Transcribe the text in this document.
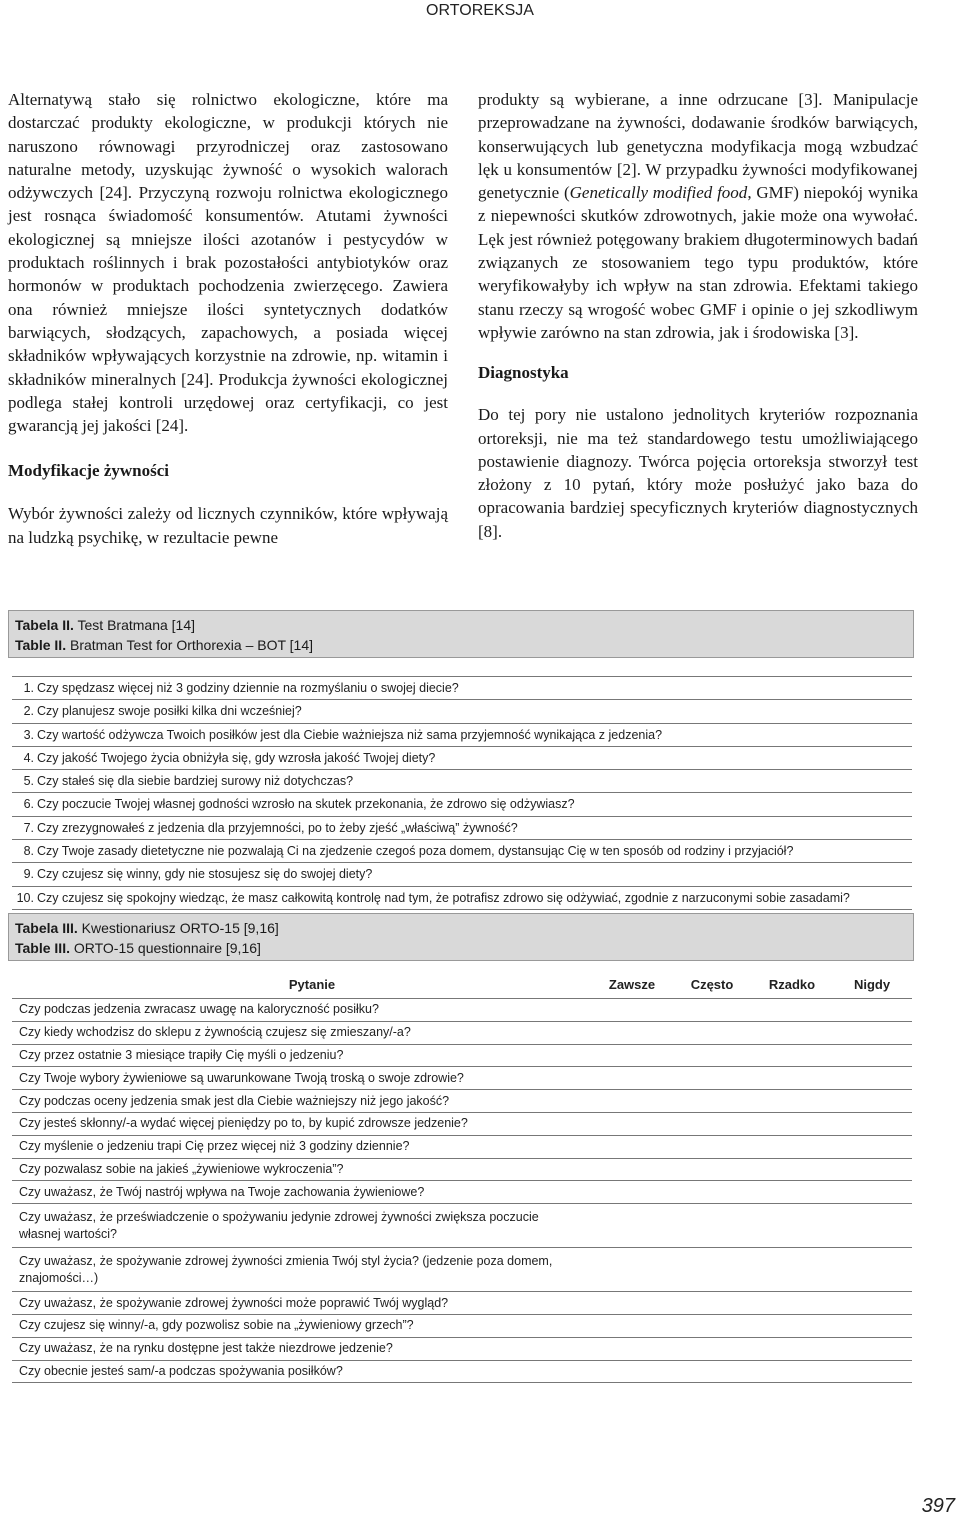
ORTOREKSJA

Alternatywą stało się rolnictwo ekologiczne, które ma dostarczać produkty ekologiczne, w produkcji których nie naruszono równowagi przyrodniczej oraz zastosowano naturalne metody, uzyskując żywność o wysokich walorach odżywczych [24]. Przyczyną rozwoju rolnictwa ekologicznego jest rosnąca świadomość konsumentów. Atutami żywności ekologicznej są mniejsze ilości azotanów i pestycydów w produktach roślinnych i brak pozostałości antybiotyków oraz hormonów w produktach pochodzenia zwierzęcego. Zawiera ona również mniejsze ilości syntetycznych dodatków barwiących, słodzących, zapachowych, a posiada więcej składników wpływających korzystnie na zdrowie, np. witamin i składników mineralnych [24]. Produkcja żywności ekologicznej podlega stałej kontroli urzędowej oraz certyfikacji, co jest gwarancją jej jakości [24].

Modyfikacje żywności

Wybór żywności zależy od licznych czynników, które wpływają na ludzką psychikę, w rezultacie pewne

produkty są wybierane, a inne odrzucane [3]. Manipulacje przeprowadzane na żywności, dodawanie środków barwiących, konserwujących lub genetyczna modyfikacja mogą wzbudzać lęk u konsumentów [2]. W przypadku żywności modyfikowanej genetycznie (Genetically modified food, GMF) niepokój wynika z niepewności skutków zdrowotnych, jakie może ona wywołać. Lęk jest również potęgowany brakiem długoterminowych badań związanych ze stosowaniem tego typu produktów, które weryfikowałyby ich wpływ na stan zdrowia. Efektami takiego stanu rzeczy są wrogość wobec GMF i opinie o jej szkodliwym wpływie zarówno na stan zdrowia, jak i środowiska [3].

Diagnostyka

Do tej pory nie ustalono jednolitych kryteriów rozpoznania ortoreksji, nie ma też standardowego testu umożliwiającego postawienie diagnozy. Twórca pojęcia ortoreksja stworzył test złożony z 10 pytań, który może posłużyć jako baza do opracowania bardziej specyficznych kryteriów diagnostycznych [8].

Tabela II. Test Bratmana [14]
Table II. Bratman Test for Orthorexia – BOT [14]
1. Czy spędzasz więcej niż 3 godziny dziennie na rozmyślaniu o swojej diecie?
2. Czy planujesz swoje posiłki kilka dni wcześniej?
3. Czy wartość odżywcza Twoich posiłków jest dla Ciebie ważniejsza niż sama przyjemność wynikająca z jedzenia?
4. Czy jakość Twojego życia obniżyła się, gdy wzrosła jakość Twojej diety?
5. Czy stałeś się dla siebie bardziej surowy niż dotychczas?
6. Czy poczucie Twojej własnej godności wzrosło na skutek przekonania, że zdrowo się odżywiasz?
7. Czy zrezygnowałeś z jedzenia dla przyjemności, po to żeby zjeść „właściwą” żywność?
8. Czy Twoje zasady dietetyczne nie pozwalają Ci na zjedzenie czegoś poza domem, dystansując Cię w ten sposób od rodziny i przyjaciół?
9. Czy czujesz się winny, gdy nie stosujesz się do swojej diety?
10. Czy czujesz się spokojny wiedząc, że masz całkowitą kontrolę nad tym, że potrafisz zdrowo się odżywiać, zgodnie z narzuconymi sobie zasadami?
Tabela III. Kwestionariusz ORTO-15 [9,16]
Table III. ORTO-15 questionnaire [9,16]
Pytanie	Zawsze	Często	Rzadko	Nigdy
Czy podczas jedzenia zwracasz uwagę na kaloryczność posiłku?
Czy kiedy wchodzisz do sklepu z żywnością czujesz się zmieszany/-a?
Czy przez ostatnie 3 miesiące trapiły Cię myśli o jedzeniu?
Czy Twoje wybory żywieniowe są uwarunkowane Twoją troską o swoje zdrowie?
Czy podczas oceny jedzenia smak jest dla Ciebie ważniejszy niż jego jakość?
Czy jesteś skłonny/-a wydać więcej pieniędzy po to, by kupić zdrowsze jedzenie?
Czy myślenie o jedzeniu trapi Cię przez więcej niż 3 godziny dziennie?
Czy pozwalasz sobie na jakieś „żywieniowe wykroczenia”?
Czy uważasz, że Twój nastrój wpływa na Twoje zachowania żywieniowe?
Czy uważasz, że przeświadczenie o spożywaniu jedynie zdrowej żywności zwiększa poczucie własnej wartości?
Czy uważasz, że spożywanie zdrowej żywności zmienia Twój styl życia? (jedzenie poza domem, znajomości…)
Czy uważasz, że spożywanie zdrowej żywności może poprawić Twój wygląd?
Czy czujesz się winny/-a, gdy pozwolisz sobie na „żywieniowy grzech”?
Czy uważasz, że na rynku dostępne jest także niezdrowe jedzenie?
Czy obecnie jesteś sam/-a podczas spożywania posiłków?
397
